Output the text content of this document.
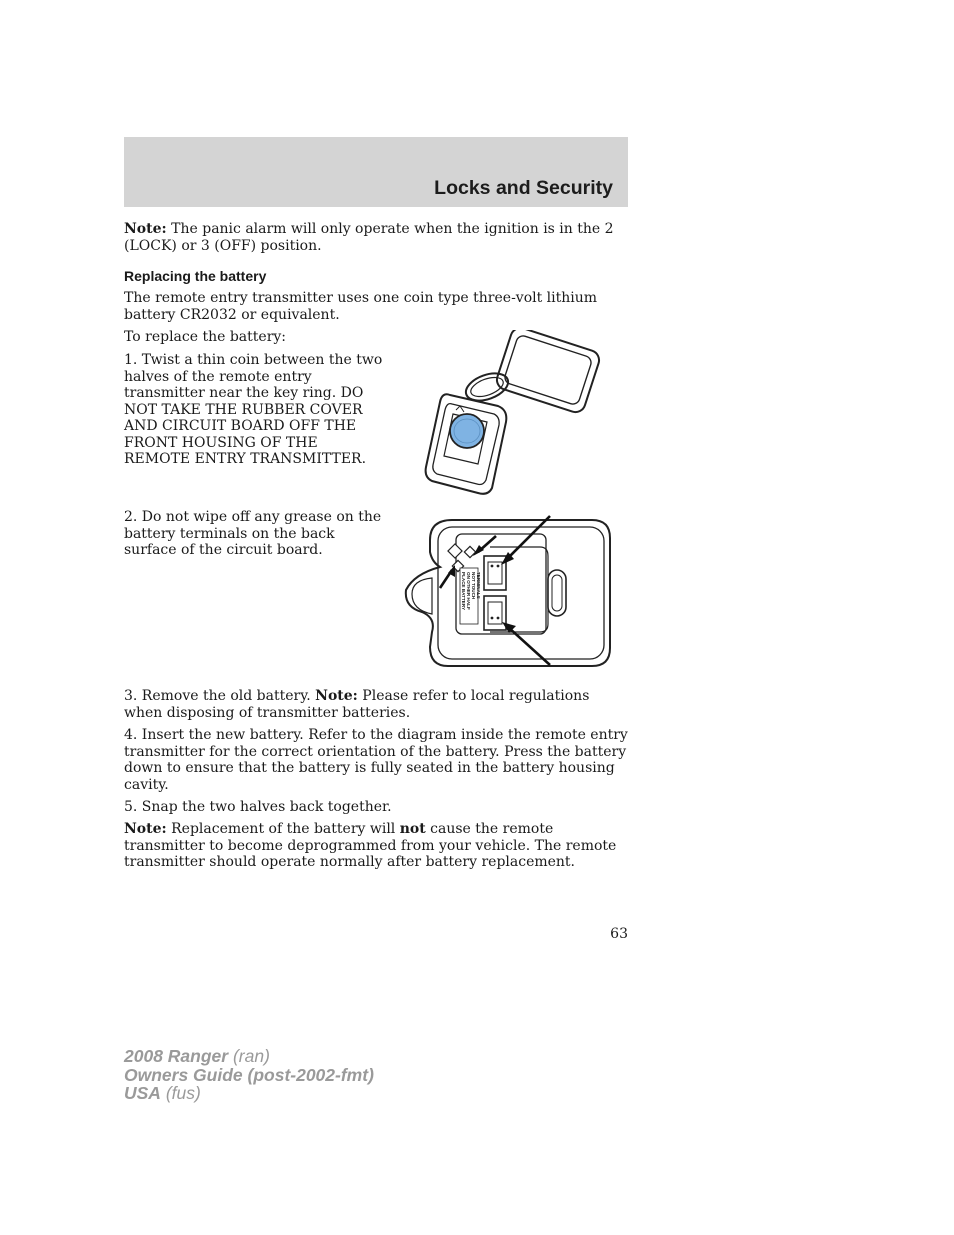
Locks and Security

Note: The panic alarm will only operate when the ignition is in the 2 (LOCK) or 3 (OFF) position.

Replacing the battery

The remote entry transmitter uses one coin type three-volt lithium battery CR2032 or equivalent.

To replace the battery:

1. Twist a thin coin between the two
halves of the remote entry
transmitter near the key ring. DO
NOT TAKE THE RUBBER COVER
AND CIRCUIT BOARD OFF THE
FRONT HOUSING OF THE
REMOTE ENTRY TRANSMITTER.

2. Do not wipe off any grease on the
battery terminals on the back
surface of the circuit board.

PLACE BATTERY ON OTHER HALF NOT TOUCH TERMINALS

3. Remove the old battery. Note: Please refer to local regulations when disposing of transmitter batteries.

4. Insert the new battery. Refer to the diagram inside the remote entry transmitter for the correct orientation of the battery. Press the battery down to ensure that the battery is fully seated in the battery housing cavity.

5. Snap the two halves back together.

Note: Replacement of the battery will not cause the remote transmitter to become deprogrammed from your vehicle. The remote transmitter should operate normally after battery replacement.

63

2008 Ranger (ran)
Owners Guide (post-2002-fmt)
USA (fus)
